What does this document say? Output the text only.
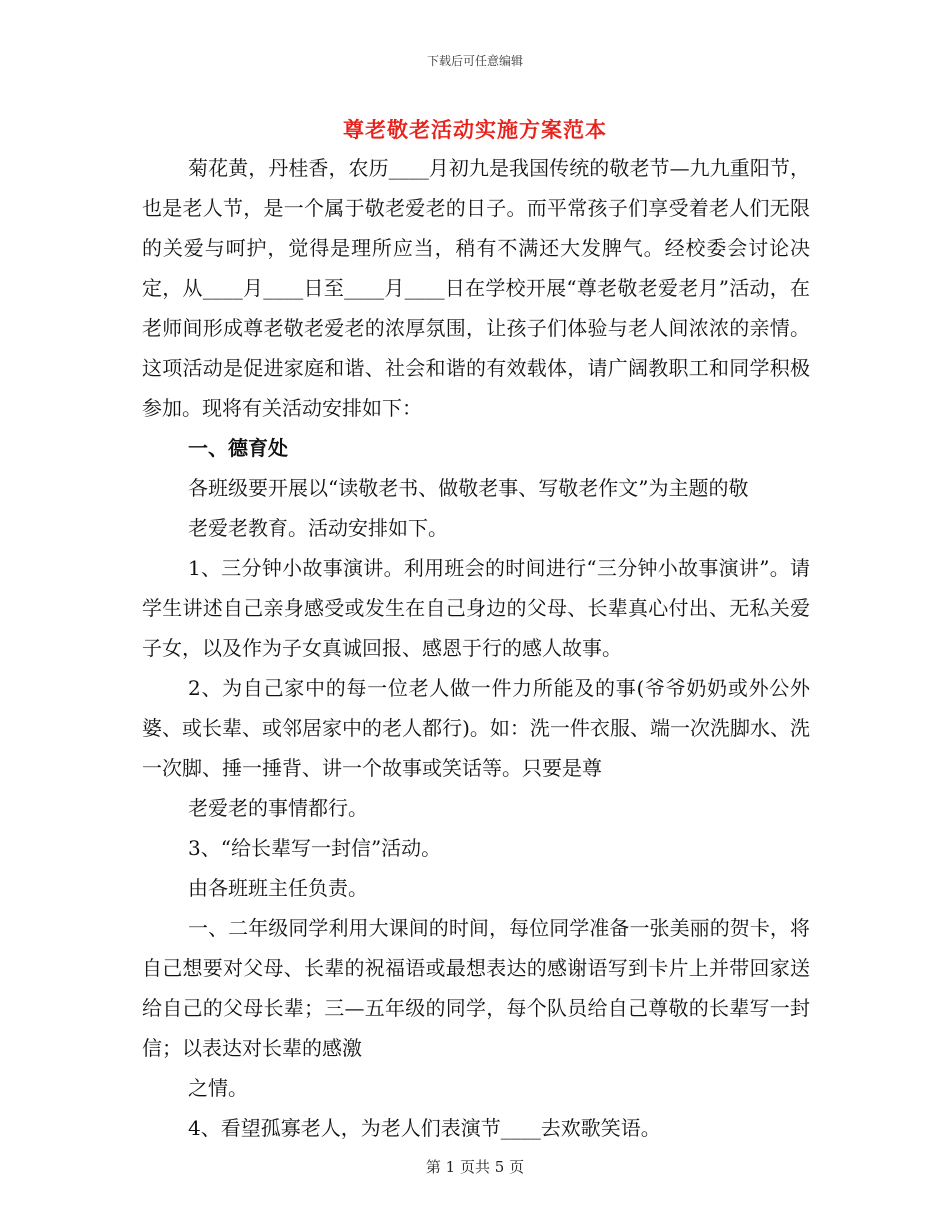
下载后可任意编辑
尊老敬老活动实施方案范本

菊花黄，丹桂香，农历____月初九是我国传统的敬老节—九九重阳节，也是老人节，是一个属于敬老爱老的日子。而平常孩子们享受着老人们无限的关爱与呵护，觉得是理所应当，稍有不满还大发脾气。经校委会讨论决定，从____月____日至____月____日在学校开展“尊老敬老爱老月”活动，在老师间形成尊老敬老爱老的浓厚氛围，让孩子们体验与老人间浓浓的亲情。这项活动是促进家庭和谐、社会和谐的有效载体，请广阔教职工和同学积极参加。现将有关活动安排如下：

一、德育处

各班级要开展以“读敬老书、做敬老事、写敬老作文”为主题的敬

老爱老教育。活动安排如下。

1、三分钟小故事演讲。利用班会的时间进行“三分钟小故事演讲”。请学生讲述自己亲身感受或发生在自己身边的父母、长辈真心付出、无私关爱子女，以及作为子女真诚回报、感恩于行的感人故事。

2、为自己家中的每一位老人做一件力所能及的事(爷爷奶奶或外公外婆、或长辈、或邻居家中的老人都行)。如：洗一件衣服、端一次洗脚水、洗一次脚、捶一捶背、讲一个故事或笑话等。只要是尊

老爱老的事情都行。

3、“给长辈写一封信”活动。

由各班班主任负责。

一、二年级同学利用大课间的时间，每位同学准备一张美丽的贺卡，将自己想要对父母、长辈的祝福语或最想表达的感谢语写到卡片上并带回家送给自己的父母长辈；三—五年级的同学，每个队员给自己尊敬的长辈写一封信；以表达对长辈的感激

之情。

4、看望孤寡老人，为老人们表演节____去欢歌笑语。

第 1 页共 5 页
